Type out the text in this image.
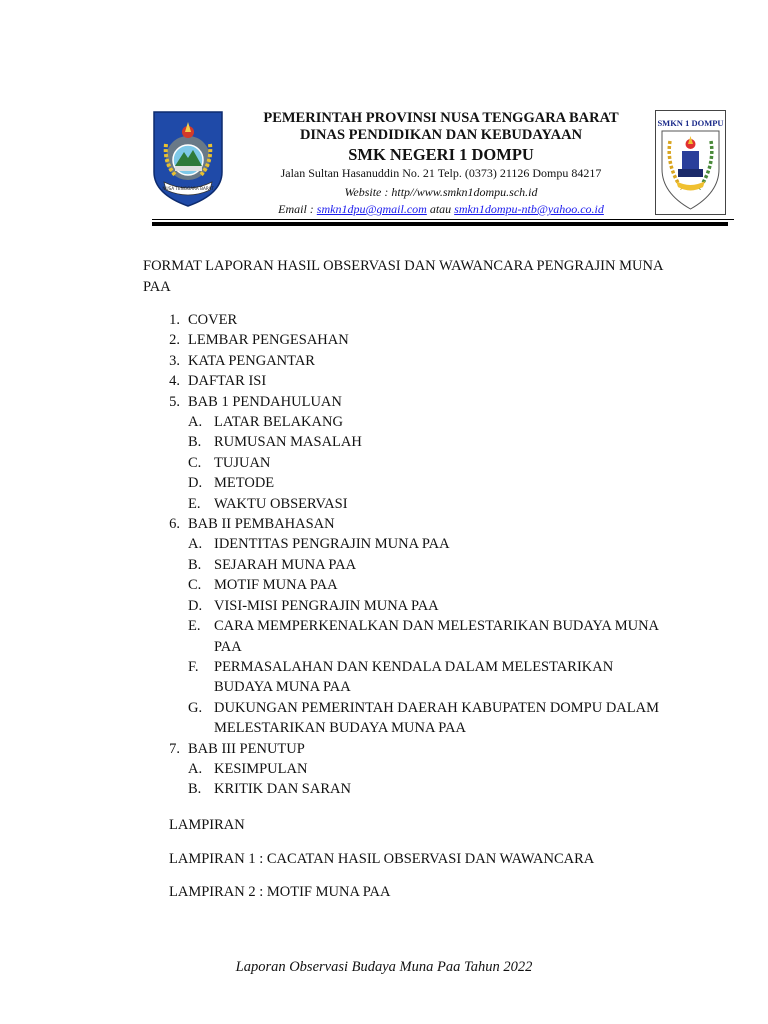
NUSA TENGGARA BARAT
PEMERINTAH PROVINSI NUSA TENGGARA BARAT
DINAS PENDIDIKAN DAN KEBUDAYAAN
SMK NEGERI 1 DOMPU
Jalan Sultan Hasanuddin No. 21 Telp. (0373) 21126 Dompu 84217
Website : http//www.smkn1dompu.sch.id
Email : smkn1dpu@gmail.com atau smkn1dompu-ntb@yahoo.co.id
SMKN 1 DOMPU
FORMAT LAPORAN HASIL OBSERVASI DAN WAWANCARA PENGRAJIN MUNA PAA
1. COVER
2. LEMBAR PENGESAHAN
3. KATA PENGANTAR
4. DAFTAR ISI
5. BAB 1 PENDAHULUAN
A. LATAR BELAKANG
B. RUMUSAN MASALAH
C. TUJUAN
D. METODE
E. WAKTU OBSERVASI
6. BAB II PEMBAHASAN
A. IDENTITAS PENGRAJIN MUNA PAA
B. SEJARAH MUNA PAA
C. MOTIF MUNA PAA
D. VISI-MISI PENGRAJIN MUNA PAA
E. CARA MEMPERKENALKAN DAN MELESTARIKAN BUDAYA MUNA PAA
F.	PERMASALAHAN DAN KENDALA DALAM MELESTARIKAN BUDAYA MUNA PAA
G. DUKUNGAN PEMERINTAH DAERAH KABUPATEN DOMPU DALAM MELESTARIKAN BUDAYA MUNA PAA
7. BAB III PENUTUP
A. KESIMPULAN
B. KRITIK DAN SARAN
LAMPIRAN
LAMPIRAN 1 : CACATAN HASIL OBSERVASI DAN WAWANCARA
LAMPIRAN 2 : MOTIF MUNA PAA
Laporan Observasi Budaya Muna Paa Tahun 2022
